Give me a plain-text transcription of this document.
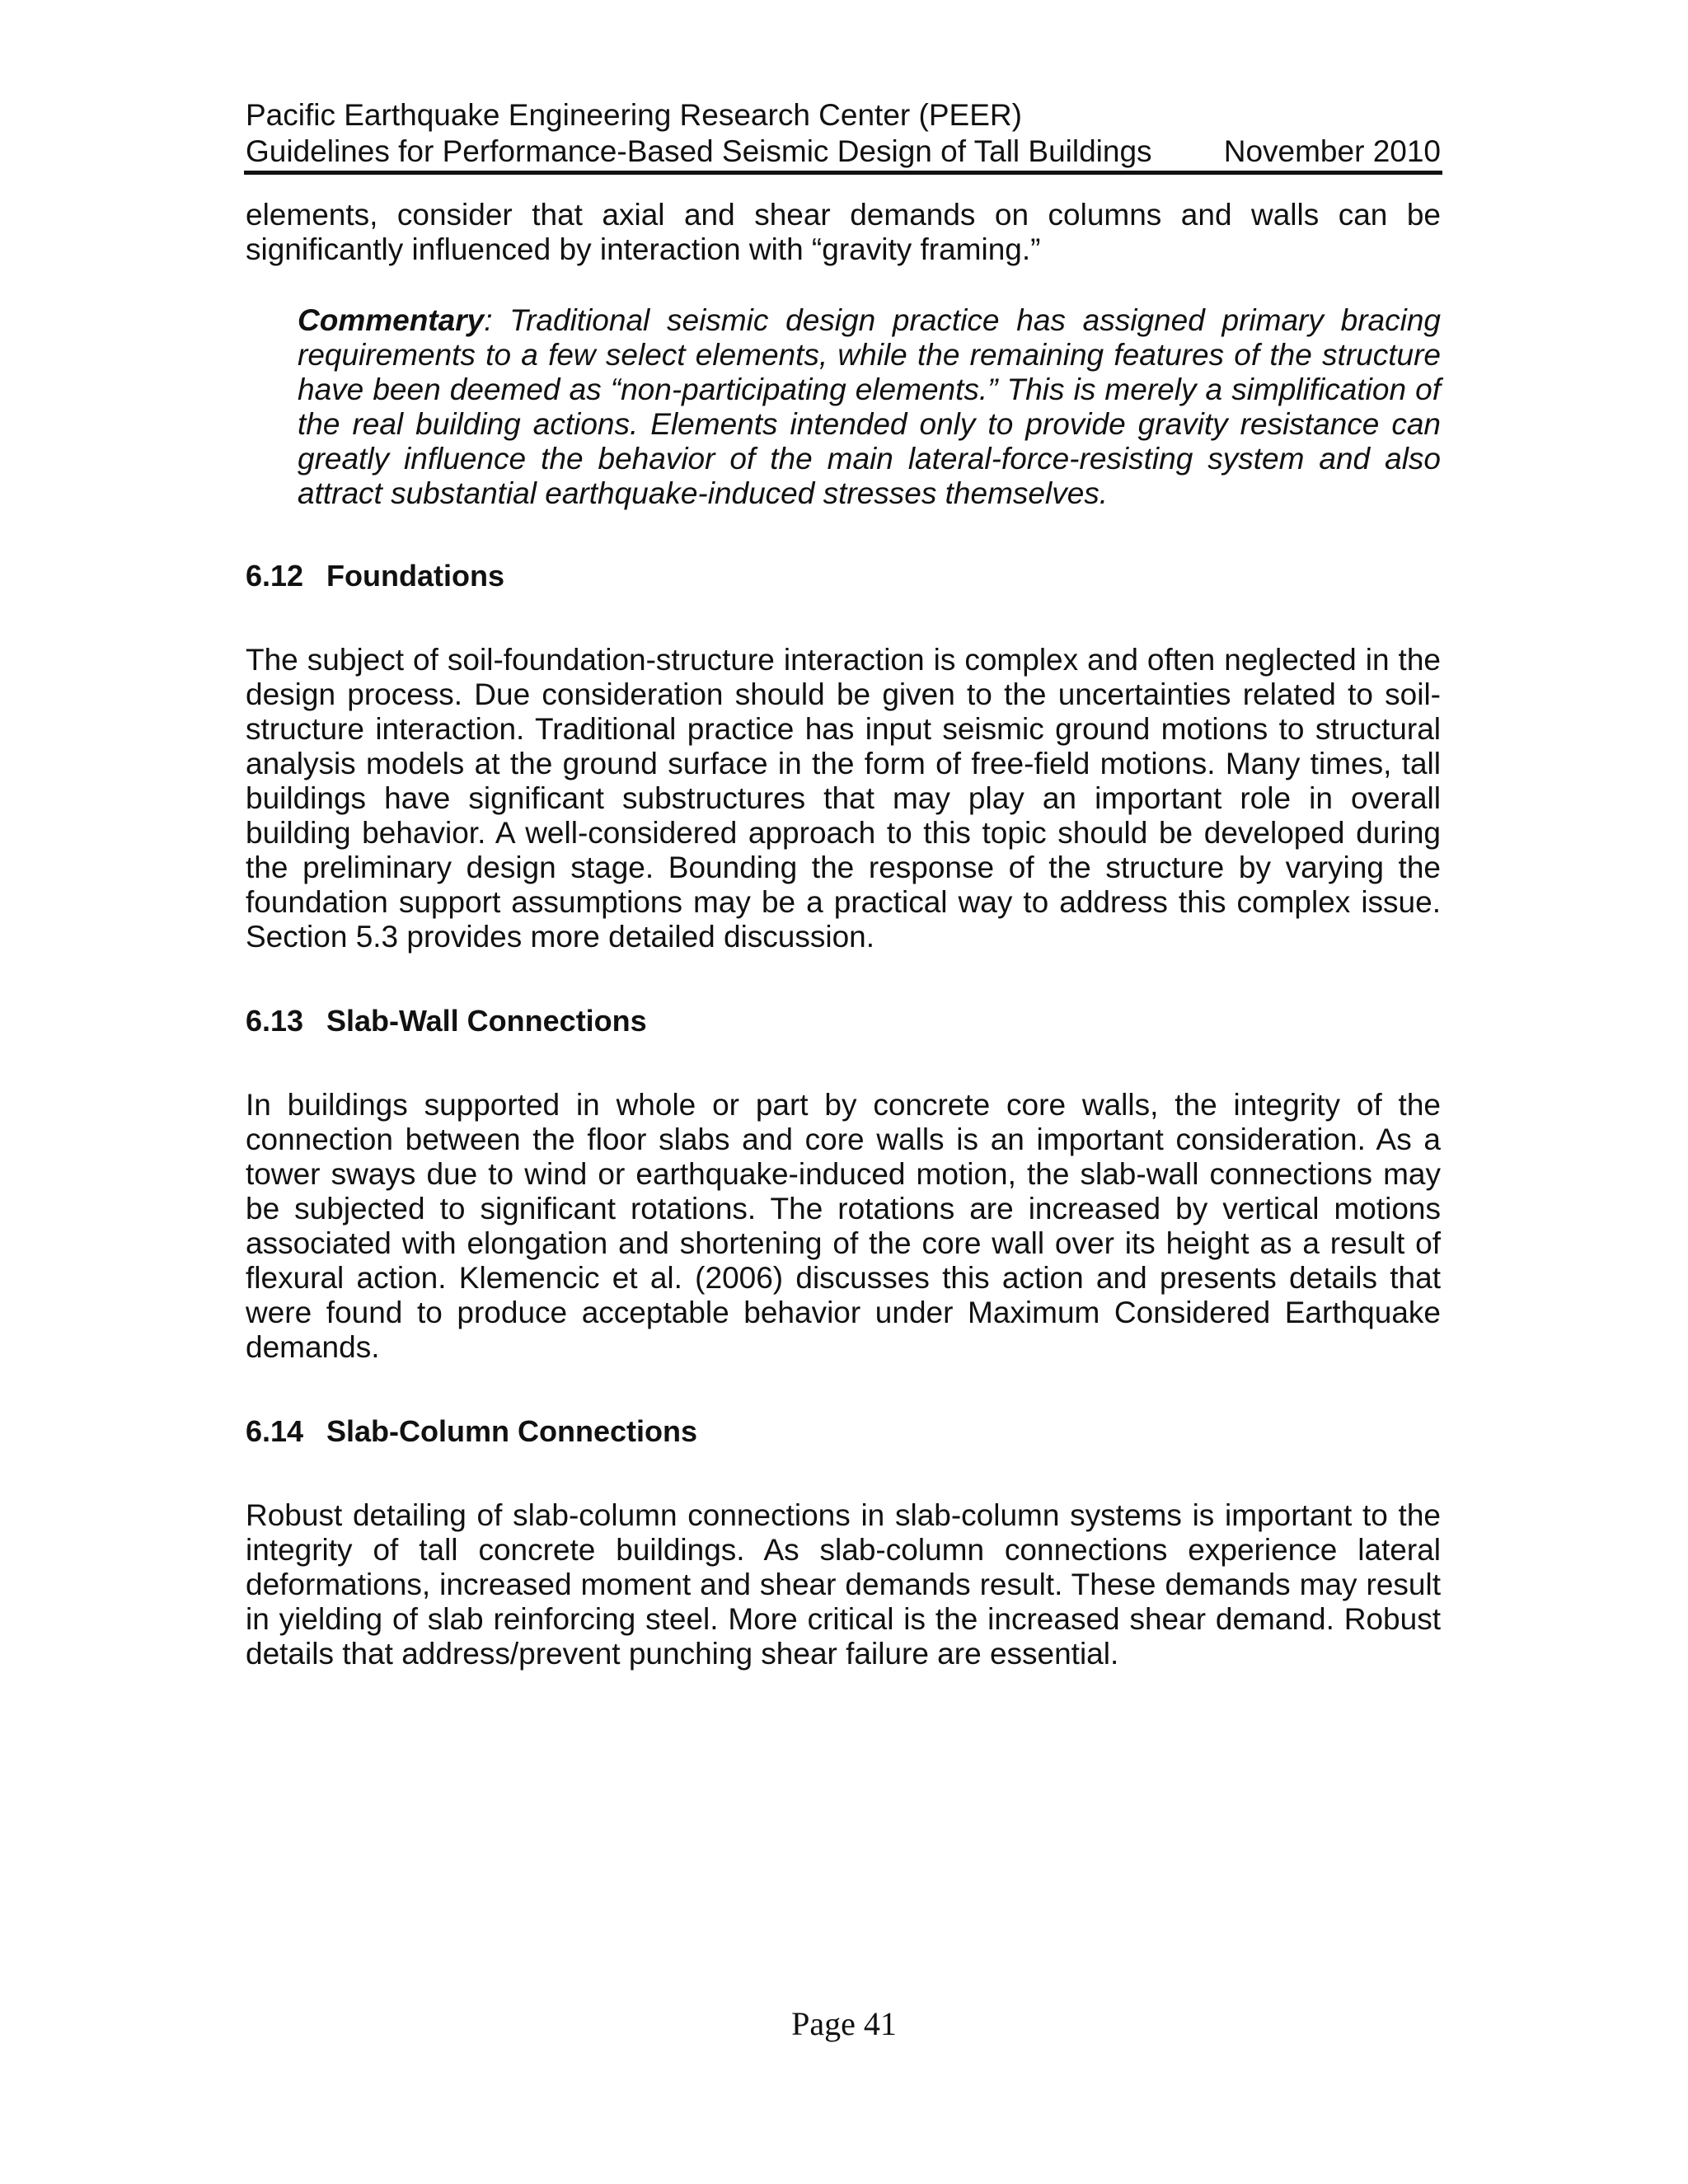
Pacific Earthquake Engineering Research Center (PEER)
Guidelines for Performance-Based Seismic Design of Tall Buildings November 2010

elements, consider that axial and shear demands on columns and walls can be significantly influenced by interaction with “gravity framing.”

Commentary: Traditional seismic design practice has assigned primary bracing requirements to a few select elements, while the remaining features of the structure have been deemed as “non-participating elements.” This is merely a simplification of the real building actions. Elements intended only to provide gravity resistance can greatly influence the behavior of the main lateral-force-resisting system and also attract substantial earthquake-induced stresses themselves.

6.12 Foundations

The subject of soil-foundation-structure interaction is complex and often neglected in the design process. Due consideration should be given to the uncertainties related to soil-structure interaction. Traditional practice has input seismic ground motions to structural analysis models at the ground surface in the form of free-field motions. Many times, tall buildings have significant substructures that may play an important role in overall building behavior. A well-considered approach to this topic should be developed during the preliminary design stage. Bounding the response of the structure by varying the foundation support assumptions may be a practical way to address this complex issue. Section 5.3 provides more detailed discussion.

6.13 Slab-Wall Connections

In buildings supported in whole or part by concrete core walls, the integrity of the connection between the floor slabs and core walls is an important consideration. As a tower sways due to wind or earthquake-induced motion, the slab-wall connections may be subjected to significant rotations. The rotations are increased by vertical motions associated with elongation and shortening of the core wall over its height as a result of flexural action. Klemencic et al. (2006) discusses this action and presents details that were found to produce acceptable behavior under Maximum Considered Earthquake demands.

6.14 Slab-Column Connections

Robust detailing of slab-column connections in slab-column systems is important to the integrity of tall concrete buildings. As slab-column connections experience lateral deformations, increased moment and shear demands result. These demands may result in yielding of slab reinforcing steel. More critical is the increased shear demand. Robust details that address/prevent punching shear failure are essential.

Page 41
